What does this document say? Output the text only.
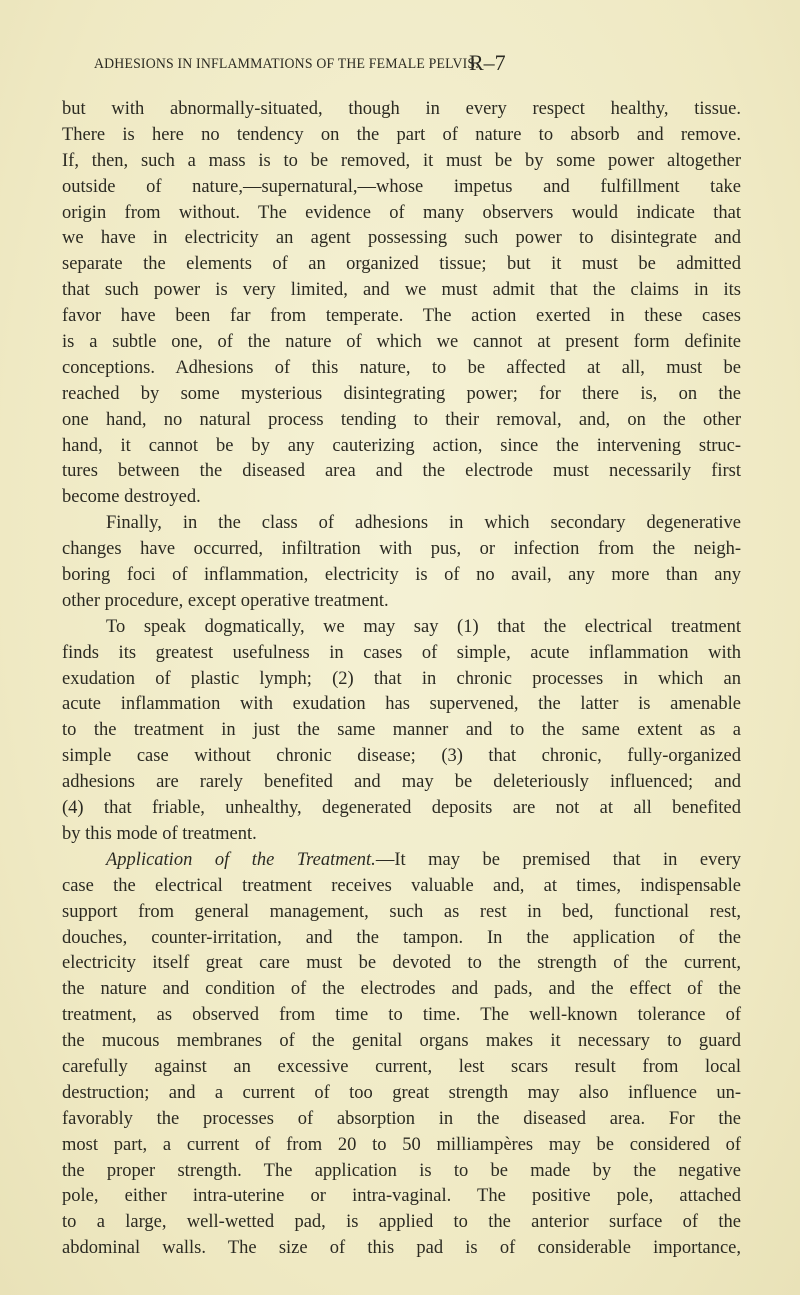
ADHESIONS IN INFLAMMATIONS OF THE FEMALE PELVIS.
R–7
but with abnormally-situated, though in every respect healthy, tissue.
There is here no tendency on the part of nature to absorb and remove.
If, then, such a mass is to be removed, it must be by some power altogether
outside of nature,—supernatural,—whose impetus and fulfillment take
origin from without. The evidence of many observers would indicate that
we have in electricity an agent possessing such power to disintegrate and
separate the elements of an organized tissue; but it must be admitted
that such power is very limited, and we must admit that the claims in its
favor have been far from temperate. The action exerted in these cases
is a subtle one, of the nature of which we cannot at present form definite
conceptions. Adhesions of this nature, to be affected at all, must be
reached by some mysterious disintegrating power; for there is, on the
one hand, no natural process tending to their removal, and, on the other
hand, it cannot be by any cauterizing action, since the intervening struc-
tures between the diseased area and the electrode must necessarily first
become destroyed.
Finally, in the class of adhesions in which secondary degenerative
changes have occurred, infiltration with pus, or infection from the neigh-
boring foci of inflammation, electricity is of no avail, any more than any
other procedure, except operative treatment.
To speak dogmatically, we may say (1) that the electrical treatment
finds its greatest usefulness in cases of simple, acute inflammation with
exudation of plastic lymph; (2) that in chronic processes in which an
acute inflammation with exudation has supervened, the latter is amenable
to the treatment in just the same manner and to the same extent as a
simple case without chronic disease; (3) that chronic, fully-organized
adhesions are rarely benefited and may be deleteriously influenced; and
(4) that friable, unhealthy, degenerated deposits are not at all benefited
by this mode of treatment.
Application of the Treatment.—It may be premised that in every
case the electrical treatment receives valuable and, at times, indispensable
support from general management, such as rest in bed, functional rest,
douches, counter-irritation, and the tampon. In the application of the
electricity itself great care must be devoted to the strength of the current,
the nature and condition of the electrodes and pads, and the effect of the
treatment, as observed from time to time. The well-known tolerance of
the mucous membranes of the genital organs makes it necessary to guard
carefully against an excessive current, lest scars result from local
destruction; and a current of too great strength may also influence un-
favorably the processes of absorption in the diseased area. For the
most part, a current of from 20 to 50 milliampères may be considered of
the proper strength. The application is to be made by the negative
pole, either intra-uterine or intra-vaginal. The positive pole, attached
to a large, well-wetted pad, is applied to the anterior surface of the
abdominal walls. The size of this pad is of considerable importance,
